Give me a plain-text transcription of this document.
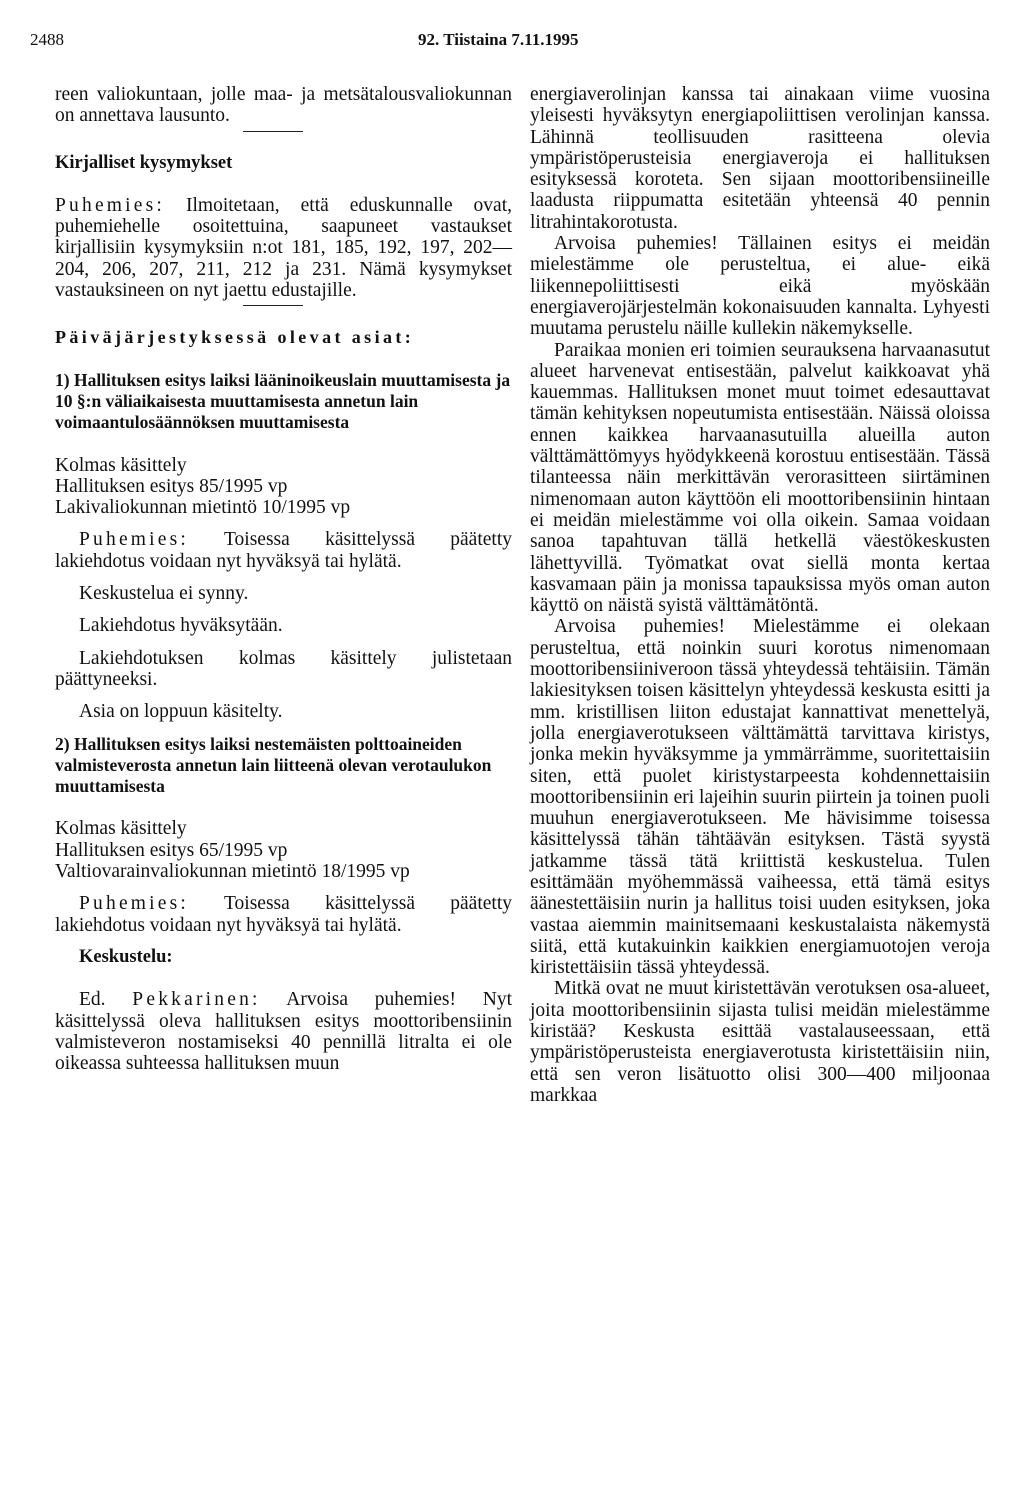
2488	92. Tiistaina 7.11.1995

reen valiokuntaan, jolle maa- ja metsätalousvaliokunnan on annettava lausunto.

Kirjalliset kysymykset

Puhemies: Ilmoitetaan, että eduskunnalle ovat, puhemiehelle osoitettuina, saapuneet vastaukset kirjallisiin kysymyksiin n:ot 181, 185, 192, 197, 202—204, 206, 207, 211, 212 ja 231. Nämä kysymykset vastauksineen on nyt jaettu edustajille.

Päiväjärjestyksessä olevat asiat:

1) Hallituksen esitys laiksi lääninoikeuslain muuttamisesta ja 10 §:n väliaikaisesta muuttamisesta annetun lain voimaantulosäännöksen muuttamisesta

Kolmas käsittely
Hallituksen esitys 85/1995 vp
Lakivaliokunnan mietintö 10/1995 vp

Puhemies: Toisessa käsittelyssä päätetty lakiehdotus voidaan nyt hyväksyä tai hylätä.

Keskustelua ei synny.

Lakiehdotus hyväksytään.

Lakiehdotuksen kolmas käsittely julistetaan päättyneeksi.

Asia on loppuun käsitelty.

2) Hallituksen esitys laiksi nestemäisten polttoaineiden valmisteverosta annetun lain liitteenä olevan verotaulukon muuttamisesta

Kolmas käsittely
Hallituksen esitys 65/1995 vp
Valtiovarainvaliokunnan mietintö 18/1995 vp

Puhemies: Toisessa käsittelyssä päätetty lakiehdotus voidaan nyt hyväksyä tai hylätä.

Keskustelu:

Ed. Pekkarinen: Arvoisa puhemies! Nyt käsittelyssä oleva hallituksen esitys moottoribensiinin valmisteveron nostamiseksi 40 pennillä litralta ei ole oikeassa suhteessa hallituksen muun

energiaverolinjan kanssa tai ainakaan viime vuosina yleisesti hyväksytyn energiapoliittisen verolinjan kanssa. Lähinnä teollisuuden rasitteena olevia ympäristöperusteisia energiaveroja ei hallituksen esityksessä koroteta. Sen sijaan moottoribensiineille laadusta riippumatta esitetään yhteensä 40 pennin litrahintakorotusta.

Arvoisa puhemies! Tällainen esitys ei meidän mielestämme ole perusteltua, ei alue- eikä liikennepoliittisesti eikä myöskään energiaverojärjestelmän kokonaisuuden kannalta. Lyhyesti muutama perustelu näille kullekin näkemykselle.

Paraikaa monien eri toimien seurauksena harvaanasutut alueet harvenevat entisestään, palvelut kaikkoavat yhä kauemmas. Hallituksen monet muut toimet edesauttavat tämän kehityksen nopeutumista entisestään. Näissä oloissa ennen kaikkea harvaanasutuilla alueilla auton välttämättömyys hyödykkeenä korostuu entisestään. Tässä tilanteessa näin merkittävän verorasitteen siirtäminen nimenomaan auton käyttöön eli moottoribensiinin hintaan ei meidän mielestämme voi olla oikein. Samaa voidaan sanoa tapahtuvan tällä hetkellä väestökeskusten lähettyvillä. Työmatkat ovat siellä monta kertaa kasvamaan päin ja monissa tapauksissa myös oman auton käyttö on näistä syistä välttämätöntä.

Arvoisa puhemies! Mielestämme ei olekaan perusteltua, että noinkin suuri korotus nimenomaan moottoribensiiniveroon tässä yhteydessä tehtäisiin. Tämän lakiesityksen toisen käsittelyn yhteydessä keskusta esitti ja mm. kristillisen liiton edustajat kannattivat menettelyä, jolla energiaverotukseen välttämättä tarvittava kiristys, jonka mekin hyväksymme ja ymmärrämme, suoritettaisiin siten, että puolet kiristystarpeesta kohdennettaisiin moottoribensiinin eri lajeihin suurin piirtein ja toinen puoli muuhun energiaverotukseen. Me hävisimme toisessa käsittelyssä tähän tähtäävän esityksen. Tästä syystä jatkamme tässä tätä kriittistä keskustelua. Tulen esittämään myöhemmässä vaiheessa, että tämä esitys äänestettäisiin nurin ja hallitus toisi uuden esityksen, joka vastaa aiemmin mainitsemaani keskustalaista näkemystä siitä, että kutakuinkin kaikkien energiamuotojen veroja kiristettäisiin tässä yhteydessä.

Mitkä ovat ne muut kiristettävän verotuksen osa-alueet, joita moottoribensiinin sijasta tulisi meidän mielestämme kiristää? Keskusta esittää vastalauseessaan, että ympäristöperusteista energiaverotusta kiristettäisiin niin, että sen veron lisätuotto olisi 300—400 miljoonaa markkaa
